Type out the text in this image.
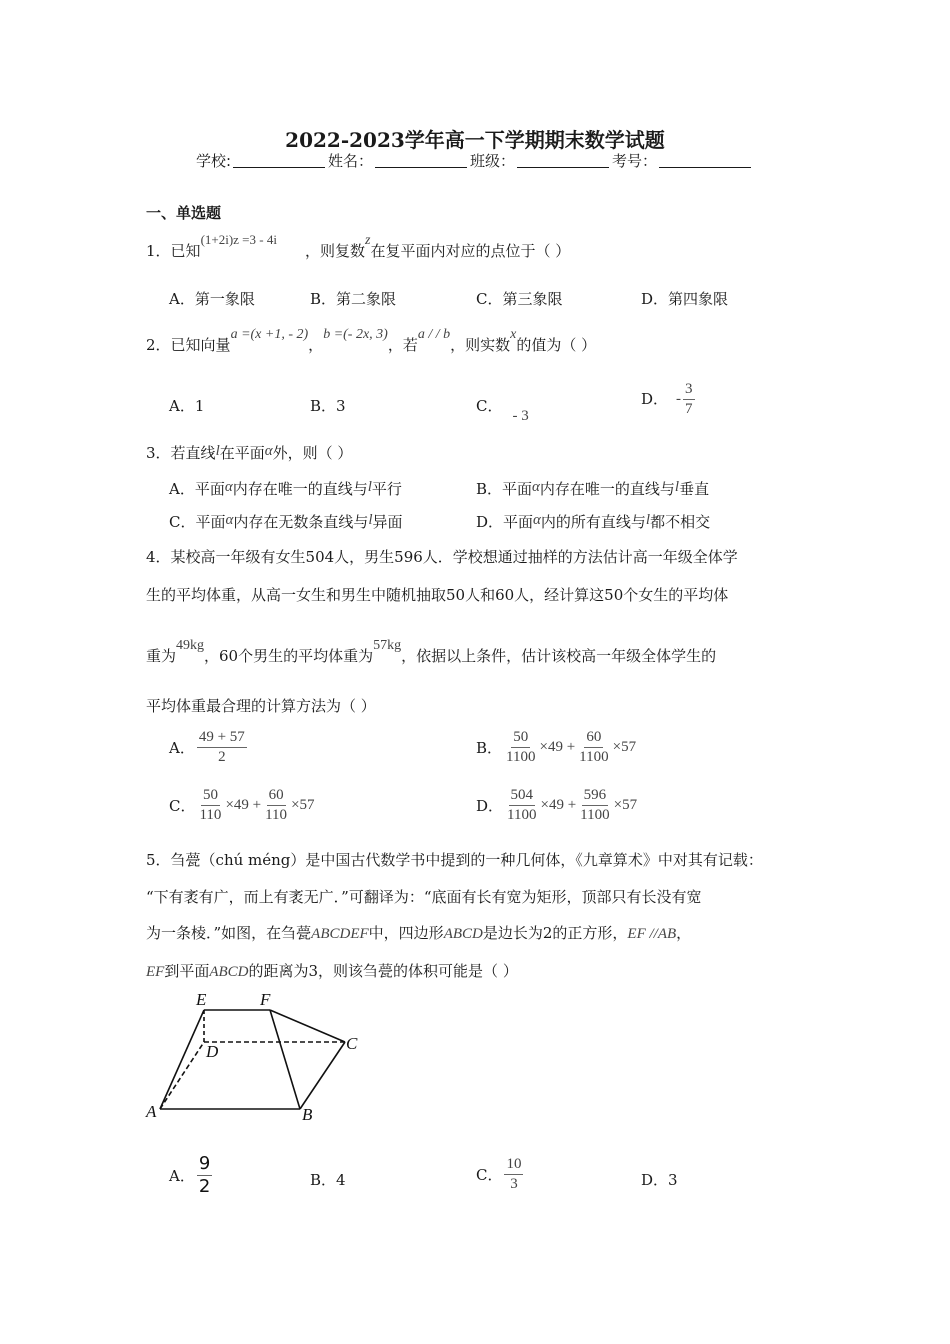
2022-2023学年高一下学期期末数学试题
学校:	姓名：	班级：	考号：
一、单选题
1．已知(1+2i)z =3 - 4i，则复数z在复平面内对应的点位于（ ）
A．第一象限	B．第二象限	C．第三象限	D．第四象限
2．已知向量a =(x +1, - 2)，b =(- 2x, 3)，若a / / b，则实数x的值为（ ）
A．1	B．3	C．- 3
D． - $\frac{3}{7}$
3．若直线l在平面α外，则（ ）
A．平面α内存在唯一的直线与l平行	B．平面α内存在唯一的直线与l垂直
C．平面α内存在无数条直线与l异面	D．平面α内的所有直线与l都不相交
4．某校高一年级有女生504人，男生596人．学校想通过抽样的方法估计高一年级全体学
生的平均体重，从高一女生和男生中随机抽取50人和60人，经计算这50个女生的平均体
重为49kg，60个男生的平均体重为57kg，依据以上条件，估计该校高一年级全体学生的
平均体重最合理的计算方法为（ ）
A． $\frac{49 + 57}{2}$	B． $\frac{50}{1100} \times 49 + \frac{60}{1100} \times 57$
C． $\frac{50}{110} \times 49 + \frac{60}{110} \times 57$	D． $\frac{504}{1100} \times 49 + \frac{596}{1100} \times 57$
5．刍甍（chú méng）是中国古代数学书中提到的一种几何体，《九章算术》中对其有记载：
“下有袤有广，而上有袤无广．”可翻译为：“底面有长有宽为矩形，顶部只有长没有宽
为一条棱．”如图，在刍甍ABCDEF中，四边形ABCD是边长为2的正方形，EF //AB，
EF到平面ABCD的距离为3，则该刍甍的体积可能是（ ）
E	F
D	C
A	B
A． $\frac{9}{2}$	B．4	C． $\frac{10}{3}$	D．3
